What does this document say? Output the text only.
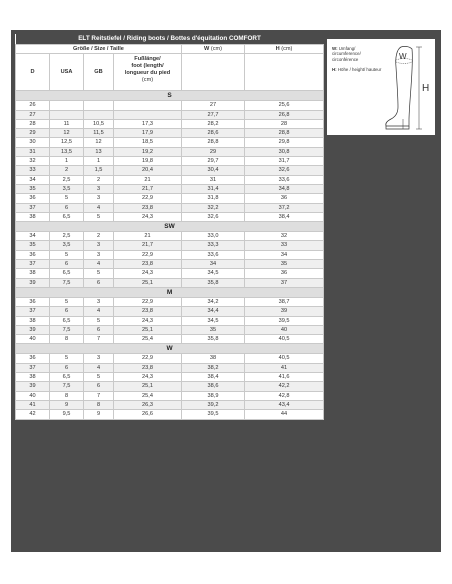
ELT Reitstiefel / Riding boots / Bottes d'équitation COMFORT					
Größe / Size / Taille				W (cm)	H (cm)
D	USA	GB	Fußlänge/
foot (length/
longueur du pied
(cm)		
S					
26				27	25,6
27				27,7	26,8
28	11	10,5	17,3	28,2	28
29	12	11,5	17,9	28,6	28,8
30	12,5	12	18,5	28,8	29,8
31	13,5	13	19,2	29	30,8
32	1	1	19,8	29,7	31,7
33	2	1,5	20,4	30,4	32,6
34	2,5	2	21	31	33,6
35	3,5	3	21,7	31,4	34,8
36	5	3	22,9	31,8	36
37	6	4	23,8	32,2	37,2
38	6,5	5	24,3	32,6	38,4
SW					
34	2,5	2	21	33,0	32
35	3,5	3	21,7	33,3	33
36	5	3	22,9	33,6	34
37	6	4	23,8	34	35
38	6,5	5	24,3	34,5	36
39	7,5	6	25,1	35,8	37
M					
36	5	3	22,9	34,2	38,7
37	6	4	23,8	34,4	39
38	6,5	5	24,3	34,5	39,5
39	7,5	6	25,1	35	40
40	8	7	25,4	35,8	40,5
W					
36	5	3	22,9	38	40,5
37	6	4	23,8	38,2	41
38	6,5	5	24,3	38,4	41,6
39	7,5	6	25,1	38,6	42,2
40	8	7	25,4	38,9	42,8
41	9	8	26,3	39,2	43,4
42	9,5	9	26,6	39,5	44
W: Umfang/ circumference/ circonférence
H: Höhe / height/ hauteur
W
H
